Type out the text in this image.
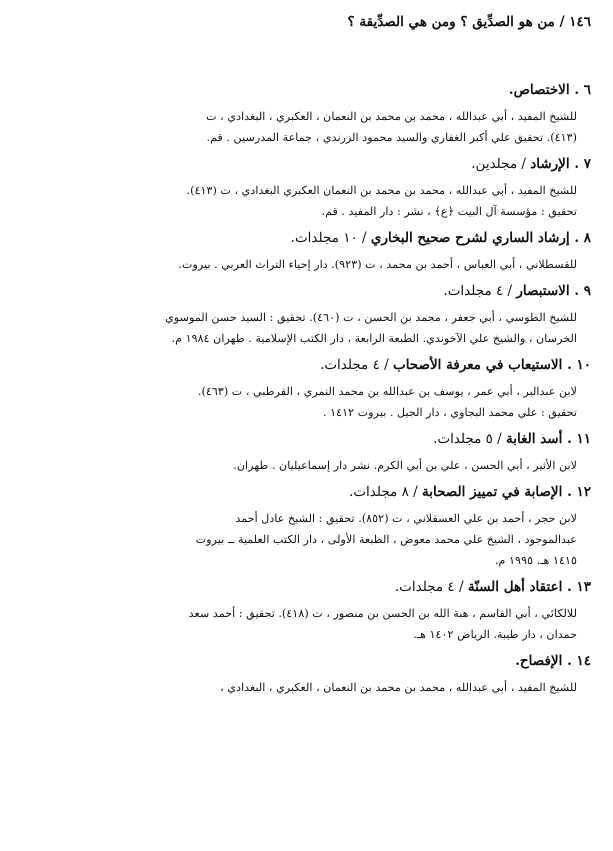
١٤٦ / من هو الصدِّيق ؟ ومن هي الصدِّيقة ؟
٦ . الاختصاص.
للشيخ المفيد ، أبي عبدالله ، محمد بن محمد بن النعمان ، العكبري ، البغدادي ، ت
(٤١٣). تحقيق علي أكبر الغفاري والسيد محمود الزرندي ، جماعة المدرسين . قم.
٧ . الإرشاد / مجلدين.
للشيخ المفيد ، أبي عبدالله ، محمد بن محمد بن النعمان العكبري البغدادي ، ت (٤١٣).
تحقيق : مؤسسة آل البيت ﴿ع﴾ ، نشر : دار المفيد . قم.
٨ . إرشاد الساري لشرح صحيح البخاري / ١٠ مجلدات.
للقسطلاني ، أبي العباس ، أحمد بن محمد ، ت (٩٢٣). دار إحياء التراث العربي . بيروت.
٩ . الاستبصار / ٤ مجلدات.
للشيخ الطوسي ، أبي جعفر ، محمد بن الحسن ، ت (٤٦٠). تحقيق : السيد حسن الموسوي
الخرسان ، والشيخ علي الآخوندي. الطبعة الرابعة ، دار الكتب الإسلامية . طهران ١٩٨٤ م.
١٠ . الاستيعاب في معرفة الأصحاب / ٤ مجلدات.
لابن عبدالبر ، أبي عمر ، يوسف بن عبدالله بن محمد النمري ، القرطبي ، ت (٤٦٣).
تحقيق : علي محمد البجاوي ، دار الجيل . بيروت ١٤١٢ .
١١ . أسد الغابة / ٥ مجلدات.
لابن الأثير ، أبي الحسن ، علي بن أبي الكرم. نشر دار إسماعيليان . طهران.
١٢ . الإصابة في تمييز الصحابة / ٨ مجلدات.
لابن حجر ، أحمد بن علي العسقلاني ، ت (٨٥٢). تحقيق : الشيخ عادل أحمد
عبدالموجود ، الشيخ علي محمد معوض ، الطبعة الأولى ، دار الكتب العلمية ــ بيروت
١٤١٥ هـ. ١٩٩٥ م.
١٣ . اعتقاد أهل السنّة / ٤ مجلدات.
للالكائي ، أبي القاسم ، هبة الله بن الحسن بن منصور ، ت (٤١٨). تحقيق : أحمد سعد
حمدان ، دار طيبة. الرياض ١٤٠٢ هـ.
١٤ . الإفصاح.
للشيخ المفيد ، أبي عبدالله ، محمد بن محمد بن النعمان ، العكبري ، البغدادي ،
